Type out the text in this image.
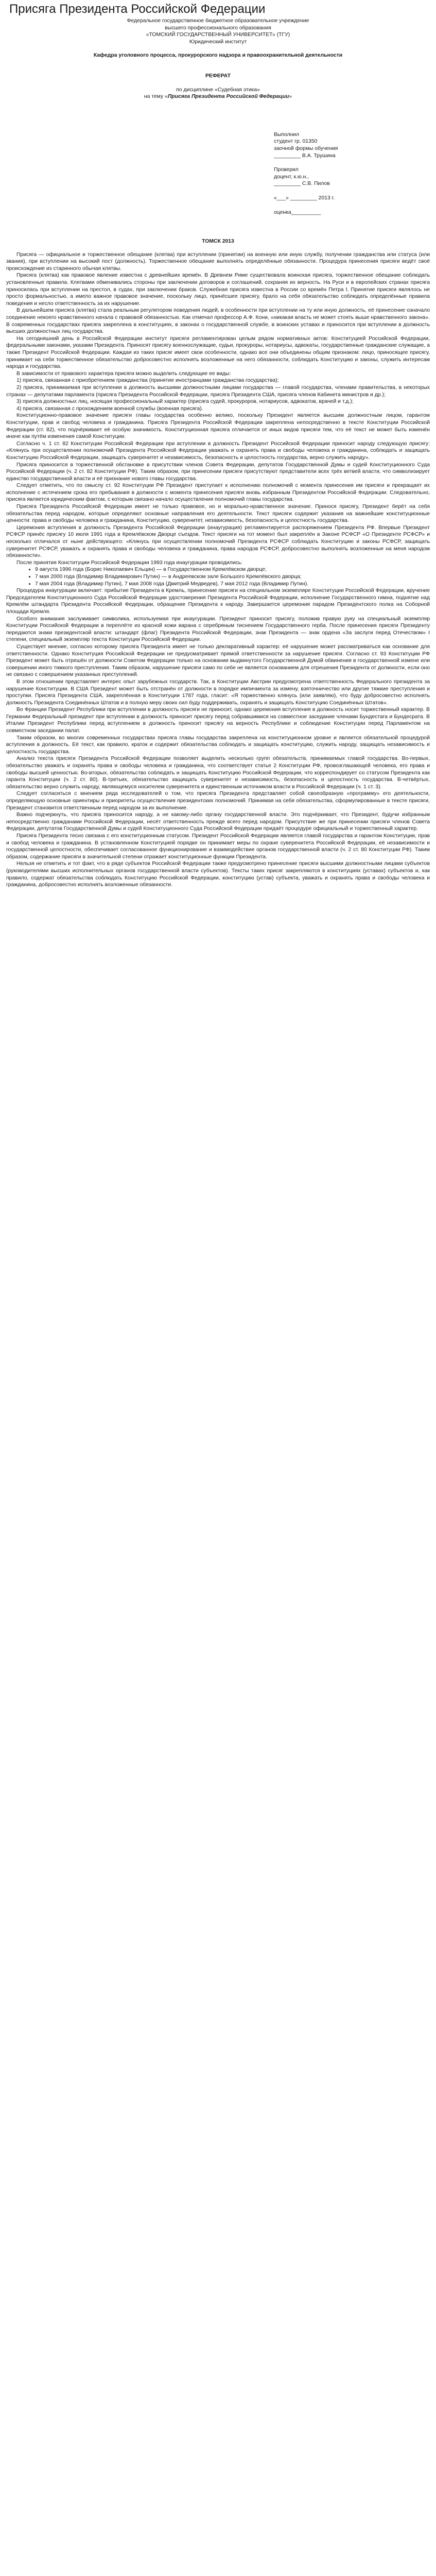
Присяга Президента Российской Федерации
Федеральное государственное бюджетное образовательное учреждение
высшего профессионального образования
«ТОМСКИЙ ГОСУДАРСТВЕННЫЙ УНИВЕРСИТЕТ» (ТГУ)
Юридический институт
Кафедра уголовного процесса, прокурорского надзора и правоохранительной деятельности
РЕФЕРАТ
по дисциплине «Судебная этика»
на тему «Присяга Президента Российской Федерации»
Выполнил
студент гр. 01350
заочной формы обучения
_________ В.А. Трушина
Проверил
доцент, к.ю.н.,
_________ С.В. Пилов
«___» _________ 2013 г.
оценка__________
ТОМСК 2013

Присяга — официальное и торжественное обещание (клятва) при вступлении (принятии) на военную или иную службу, получении гражданства или статуса (или звания), при вступлении на высокий пост (должность). Торжественное обещание выполнять определённые обязанности. Процедура принесения присяги ведёт своё происхождение из старинного обычая клятвы.

Присяга (клятва) как правовое явление известна с древнейших времён. В Древнем Риме существовала воинская присяга, торжественное обещание соблюдать установленные правила. Клятвами обменивались стороны при заключении договоров и соглашений, сохраняя их верность. На Руси и в европейских странах присяга приносилась при вступлении на престол, в судах, при заключении браков. Служебная присяга известна в России со времён Петра I. Принятие присяги являлось не просто формальностью, а имело важное правовое значение, поскольку лицо, принёсшее присягу, брало на себя обязательство соблюдать определённые правила поведения и несло ответственность за их нарушение.

В дальнейшем присяга (клятва) стала реальным регулятором поведения людей, в особенности при вступлении на ту или иную должность, её принесение означало соединение некоего нравственного начала с правовой обязанностью. Как отмечал профессор А.Ф. Кони, «никакая власть не может стоять выше нравственного закона». В современных государствах присяга закреплена в конституциях, в законах о государственной службе, в воинских уставах и приносится при вступлении в должность высших должностных лиц государства.

На сегодняшний день в Российской Федерации институт присяги регламентирован целым рядом нормативных актов: Конституцией Российской Федерации, федеральными законами, указами Президента. Приносят присягу военнослужащие, судьи, прокуроры, нотариусы, адвокаты, государственные гражданские служащие, а также Президент Российской Федерации. Каждая из таких присяг имеет свои особенности, однако все они объединены общим признаком: лицо, приносящее присягу, принимает на себя торжественное обязательство добросовестно исполнять возложенные на него обязанности, соблюдать Конституцию и законы, служить интересам народа и государства.

В зависимости от правового характера присяги можно выделить следующие ее виды:

1) присяга, связанная с приобретением гражданства (принятие иностранцами гражданства государства);

2) присяга, принимаемая при вступлении в должность высшими должностными лицами государства — главой государства, членами правительства, в некоторых странах — депутатами парламента (присяга Президента Российской Федерации, присяга Президента США, присяга членов Кабинета министров и др.);

3) присяга должностных лиц, носящая профессиональный характер (присяга судей, прокуроров, нотариусов, адвокатов, врачей и т.д.);

4) присяга, связанная с прохождением военной службы (военная присяга).

Конституционно-правовое значение присяги главы государства особенно велико, поскольку Президент является высшим должностным лицом, гарантом Конституции, прав и свобод человека и гражданина. Присяга Президента Российской Федерации закреплена непосредственно в тексте Конституции Российской Федерации (ст. 82), что подчёркивает её особую значимость. Конституционная присяга отличается от иных видов присяги тем, что её текст не может быть изменён иначе как путём изменения самой Конституции.

Согласно ч. 1 ст. 82 Конституции Российской Федерации при вступлении в должность Президент Российской Федерации приносит народу следующую присягу: «Клянусь при осуществлении полномочий Президента Российской Федерации уважать и охранять права и свободы человека и гражданина, соблюдать и защищать Конституцию Российской Федерации, защищать суверенитет и независимость, безопасность и целостность государства, верно служить народу».

Присяга приносится в торжественной обстановке в присутствии членов Совета Федерации, депутатов Государственной Думы и судей Конституционного Суда Российской Федерации (ч. 2 ст. 82 Конституции РФ). Таким образом, при принесении присяги присутствуют представители всех трёх ветвей власти, что символизирует единство государственной власти и её признание нового главы государства.

Следует отметить, что по смыслу ст. 92 Конституции РФ Президент приступает к исполнению полномочий с момента принесения им присяги и прекращает их исполнение с истечением срока его пребывания в должности с момента принесения присяги вновь избранным Президентом Российской Федерации. Следовательно, присяга является юридическим фактом, с которым связано начало осуществления полномочий главы государства.

Присяга Президента Российской Федерации имеет не только правовое, но и морально-нравственное значение. Принося присягу, Президент берёт на себя обязательства перед народом, которые определяют основные направления его деятельности. Текст присяги содержит указания на важнейшие конституционные ценности: права и свободы человека и гражданина, Конституцию, суверенитет, независимость, безопасность и целостность государства.

Церемония вступления в должность Президента Российской Федерации (инаугурация) регламентируется распоряжением Президента РФ. Впервые Президент РСФСР принёс присягу 10 июля 1991 года в Кремлёвском Дворце съездов. Текст присяги на тот момент был закреплён в Законе РСФСР «О Президенте РСФСР» и несколько отличался от ныне действующего: «Клянусь при осуществлении полномочий Президента РСФСР соблюдать Конституцию и законы РСФСР, защищать суверенитет РСФСР, уважать и охранять права и свободы человека и гражданина, права народов РСФСР, добросовестно выполнять возложенные на меня народом обязанности».

После принятия Конституции Российской Федерации 1993 года инаугурации проводились:

• 9 августа 1996 года (Борис Николаевич Ельцин) — в Государственном Кремлёвском дворце;
• 7 мая 2000 года (Владимир Владимирович Путин) — в Андреевском зале Большого Кремлёвского дворца;
• 7 мая 2004 года (Владимир Путин), 7 мая 2008 года (Дмитрий Медведев), 7 мая 2012 года (Владимир Путин).

Процедура инаугурации включает: прибытие Президента в Кремль, принесение присяги на специальном экземпляре Конституции Российской Федерации, вручение Председателем Конституционного Суда Российской Федерации удостоверения Президента Российской Федерации, исполнение Государственного гимна, поднятие над Кремлём штандарта Президента Российской Федерации, обращение Президента к народу. Завершается церемония парадом Президентского полка на Соборной площади Кремля.

Особого внимания заслуживает символика, используемая при инаугурации. Президент приносит присягу, положив правую руку на специальный экземпляр Конституции Российской Федерации в переплёте из красной кожи варана с серебряным тиснением Государственного герба. После принесения присяги Президенту передаются знаки президентской власти: штандарт (флаг) Президента Российской Федерации, знак Президента — знак ордена «За заслуги перед Отечеством» I степени, специальный экземпляр текста Конституции Российской Федерации.

Существует мнение, согласно которому присяга Президента имеет не только декларативный характер: её нарушение может рассматриваться как основание для ответственности. Однако Конституция Российской Федерации не предусматривает прямой ответственности за нарушение присяги. Согласно ст. 93 Конституции РФ Президент может быть отрешён от должности Советом Федерации только на основании выдвинутого Государственной Думой обвинения в государственной измене или совершении иного тяжкого преступления. Таким образом, нарушение присяги само по себе не является основанием для отрешения Президента от должности, если оно не связано с совершением указанных преступлений.

В этом отношении представляет интерес опыт зарубежных государств. Так, в Конституции Австрии предусмотрена ответственность Федерального президента за нарушение Конституции. В США Президент может быть отстранён от должности в порядке импичмента за измену, взяточничество или другие тяжкие преступления и проступки. Присяга Президента США, закреплённая в Конституции 1787 года, гласит: «Я торжественно клянусь (или заявляю), что буду добросовестно исполнять должность Президента Соединённых Штатов и в полную меру своих сил буду поддерживать, охранять и защищать Конституцию Соединённых Штатов».

Во Франции Президент Республики при вступлении в должность присяги не приносит, однако церемония вступления в должность носит торжественный характер. В Германии Федеральный президент при вступлении в должность приносит присягу перед собравшимися на совместное заседание членами Бундестага и Бундесрата. В Италии Президент Республики перед вступлением в должность приносит присягу на верность Республике и соблюдение Конституции перед Парламентом на совместном заседании палат.

Таким образом, во многих современных государствах присяга главы государства закреплена на конституционном уровне и является обязательной процедурой вступления в должность. Её текст, как правило, краток и содержит обязательства соблюдать и защищать конституцию, служить народу, защищать независимость и целостность государства.

Анализ текста присяги Президента Российской Федерации позволяет выделить несколько групп обязательств, принимаемых главой государства. Во-первых, обязательство уважать и охранять права и свободы человека и гражданина, что соответствует статье 2 Конституции РФ, провозглашающей человека, его права и свободы высшей ценностью. Во-вторых, обязательство соблюдать и защищать Конституцию Российской Федерации, что корреспондирует со статусом Президента как гаранта Конституции (ч. 2 ст. 80). В-третьих, обязательство защищать суверенитет и независимость, безопасность и целостность государства. В-четвёртых, обязательство верно служить народу, являющемуся носителем суверенитета и единственным источником власти в Российской Федерации (ч. 1 ст. 3).

Следует согласиться с мнением ряда исследователей о том, что присяга Президента представляет собой своеобразную «программу» его деятельности, определяющую основные ориентиры и приоритеты осуществления президентских полномочий. Принимая на себя обязательства, сформулированные в тексте присяги, Президент становится ответственным перед народом за их выполнение.

Важно подчеркнуть, что присяга приносится народу, а не какому-либо органу государственной власти. Это подчёркивает, что Президент, будучи избранным непосредственно гражданами Российской Федерации, несёт ответственность прежде всего перед народом. Присутствие же при принесении присяги членов Совета Федерации, депутатов Государственной Думы и судей Конституционного Суда Российской Федерации придаёт процедуре официальный и торжественный характер.

Присяга Президента тесно связана с его конституционным статусом. Президент Российской Федерации является главой государства и гарантом Конституции, прав и свобод человека и гражданина. В установленном Конституцией порядке он принимает меры по охране суверенитета Российской Федерации, её независимости и государственной целостности, обеспечивает согласованное функционирование и взаимодействие органов государственной власти (ч. 2 ст. 80 Конституции РФ). Таким образом, содержание присяги в значительной степени отражает конституционные функции Президента.

Нельзя не отметить и тот факт, что в ряде субъектов Российской Федерации также предусмотрено принесение присяги высшими должностными лицами субъектов (руководителями высших исполнительных органов государственной власти субъектов). Тексты таких присяг закрепляются в конституциях (уставах) субъектов и, как правило, содержат обязательства соблюдать Конституцию Российской Федерации, конституцию (устав) субъекта, уважать и охранять права и свободы человека и гражданина, добросовестно исполнять возложенные обязанности.
